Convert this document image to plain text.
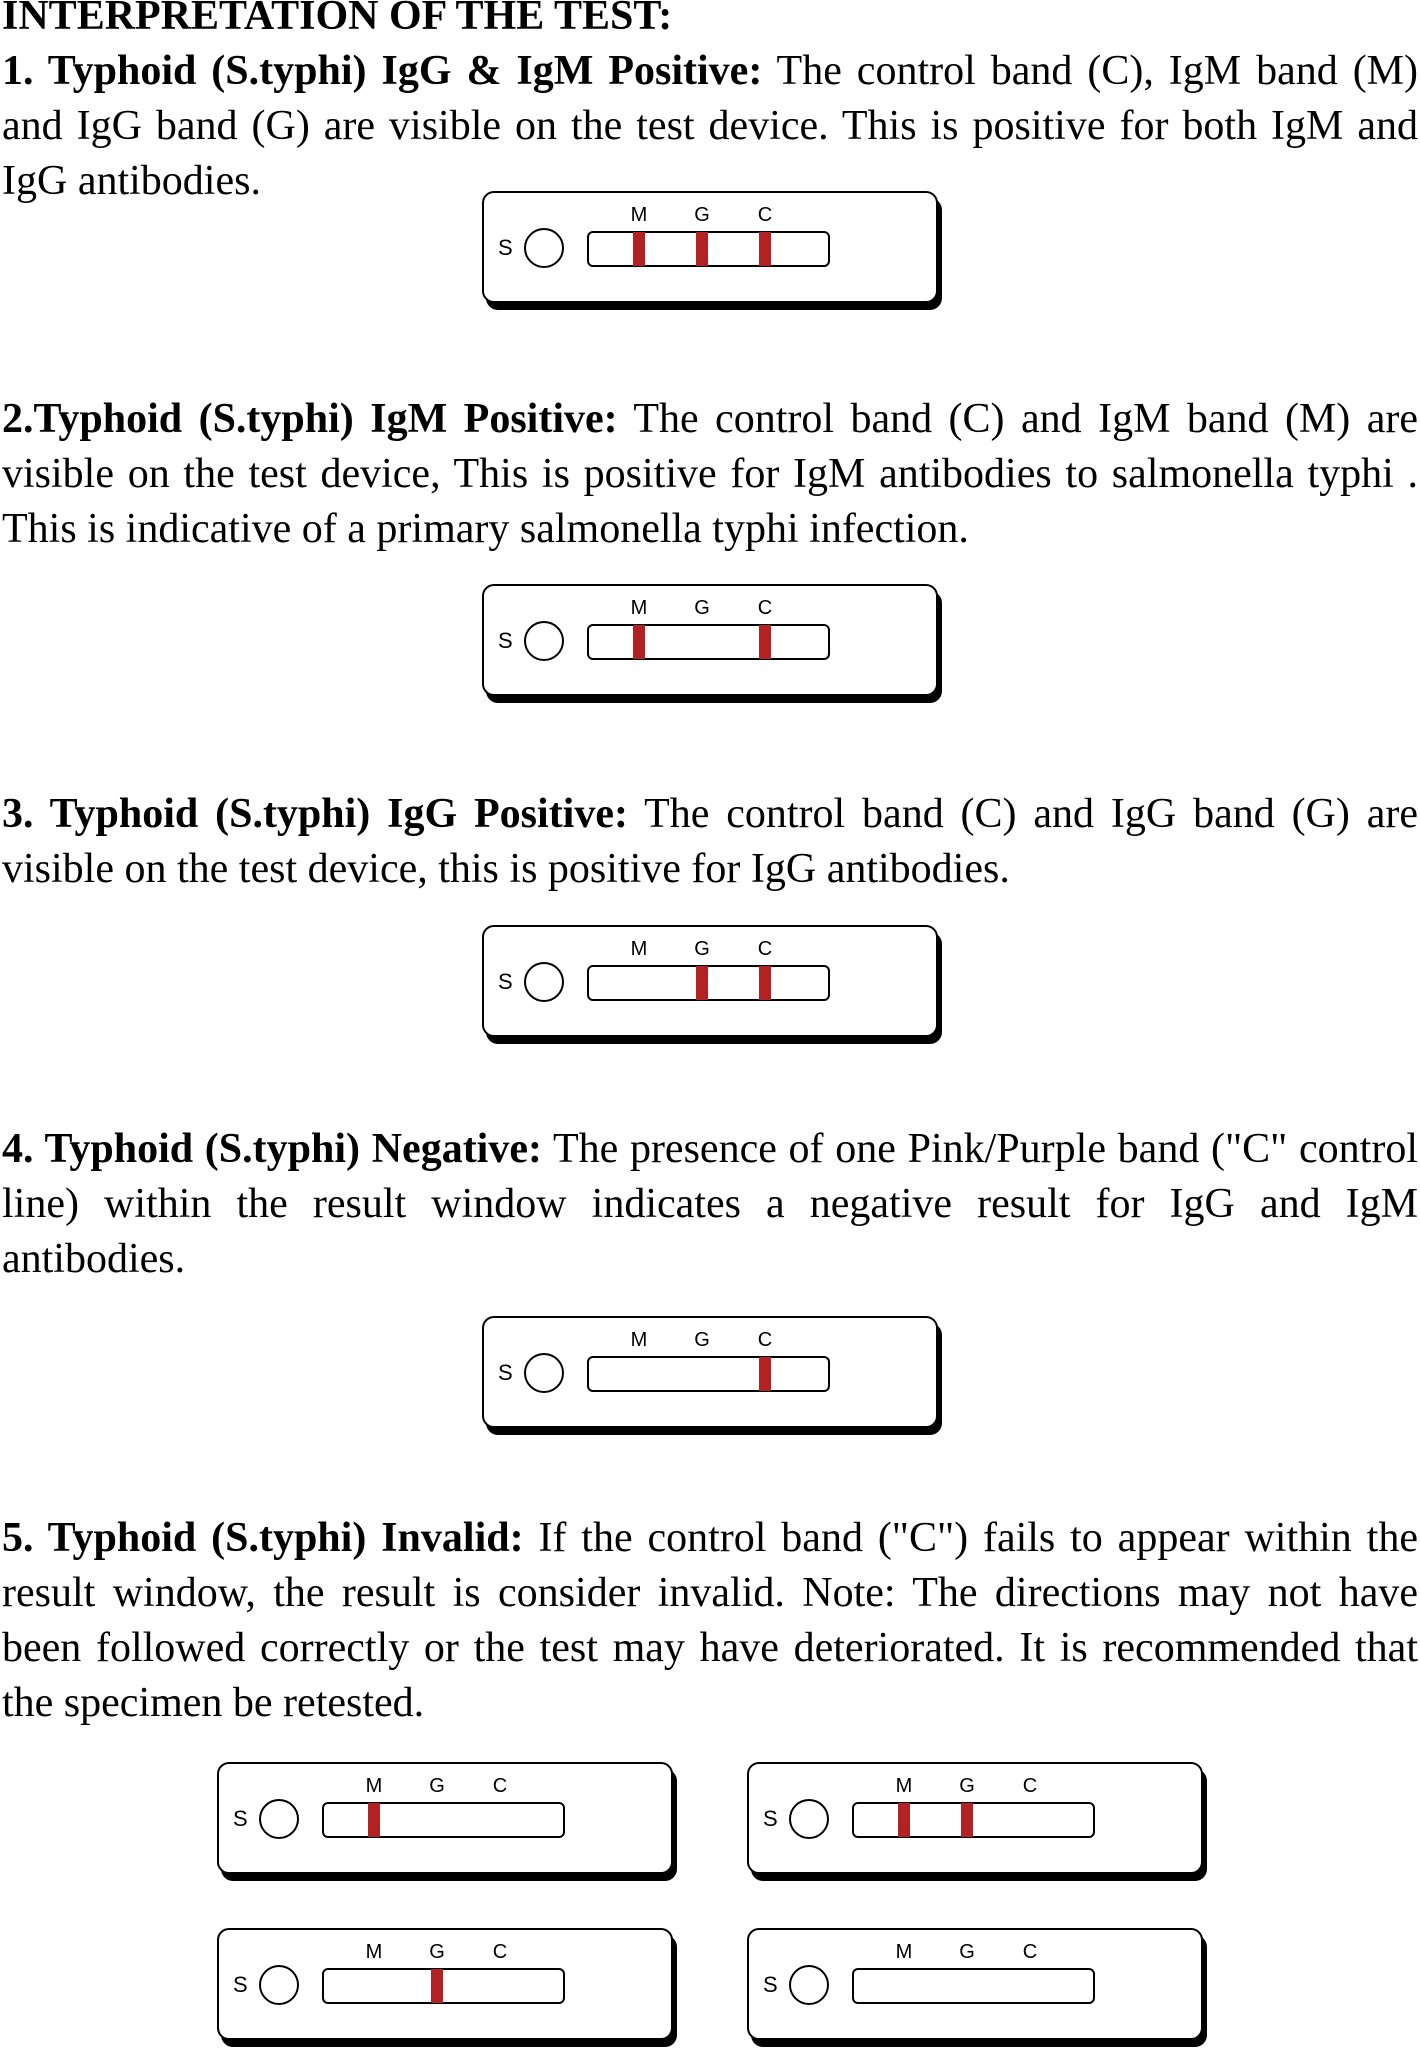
INTERPRETATION OF THE TEST:

1. Typhoid (S.typhi) IgG & IgM Positive: The control band (C), IgM band (M) and IgG band (G) are visible on the test device. This is positive for both IgM and IgG antibodies.

S
M G C

2.Typhoid (S.typhi) IgM Positive: The control band (C) and IgM band (M) are visible on the test device, This is positive for IgM antibodies to salmonella typhi . This is indicative of a primary salmonella typhi infection.

S
M G C

3. Typhoid (S.typhi) IgG Positive: The control band (C) and IgG band (G) are visible on the test device, this is positive for IgG antibodies.

S
M G C

4. Typhoid (S.typhi) Negative: The presence of one Pink/Purple band ("C" control line) within the result window indicates a negative result for IgG and IgM antibodies.

S
M G C

5. Typhoid (S.typhi) Invalid: If the control band ("C") fails to appear within the result window, the result is consider invalid. Note: The directions may not have been followed correctly or the test may have deteriorated. It is recommended that the specimen be retested.

S
M G C
S
M G C
S
M G C
S
M G C
